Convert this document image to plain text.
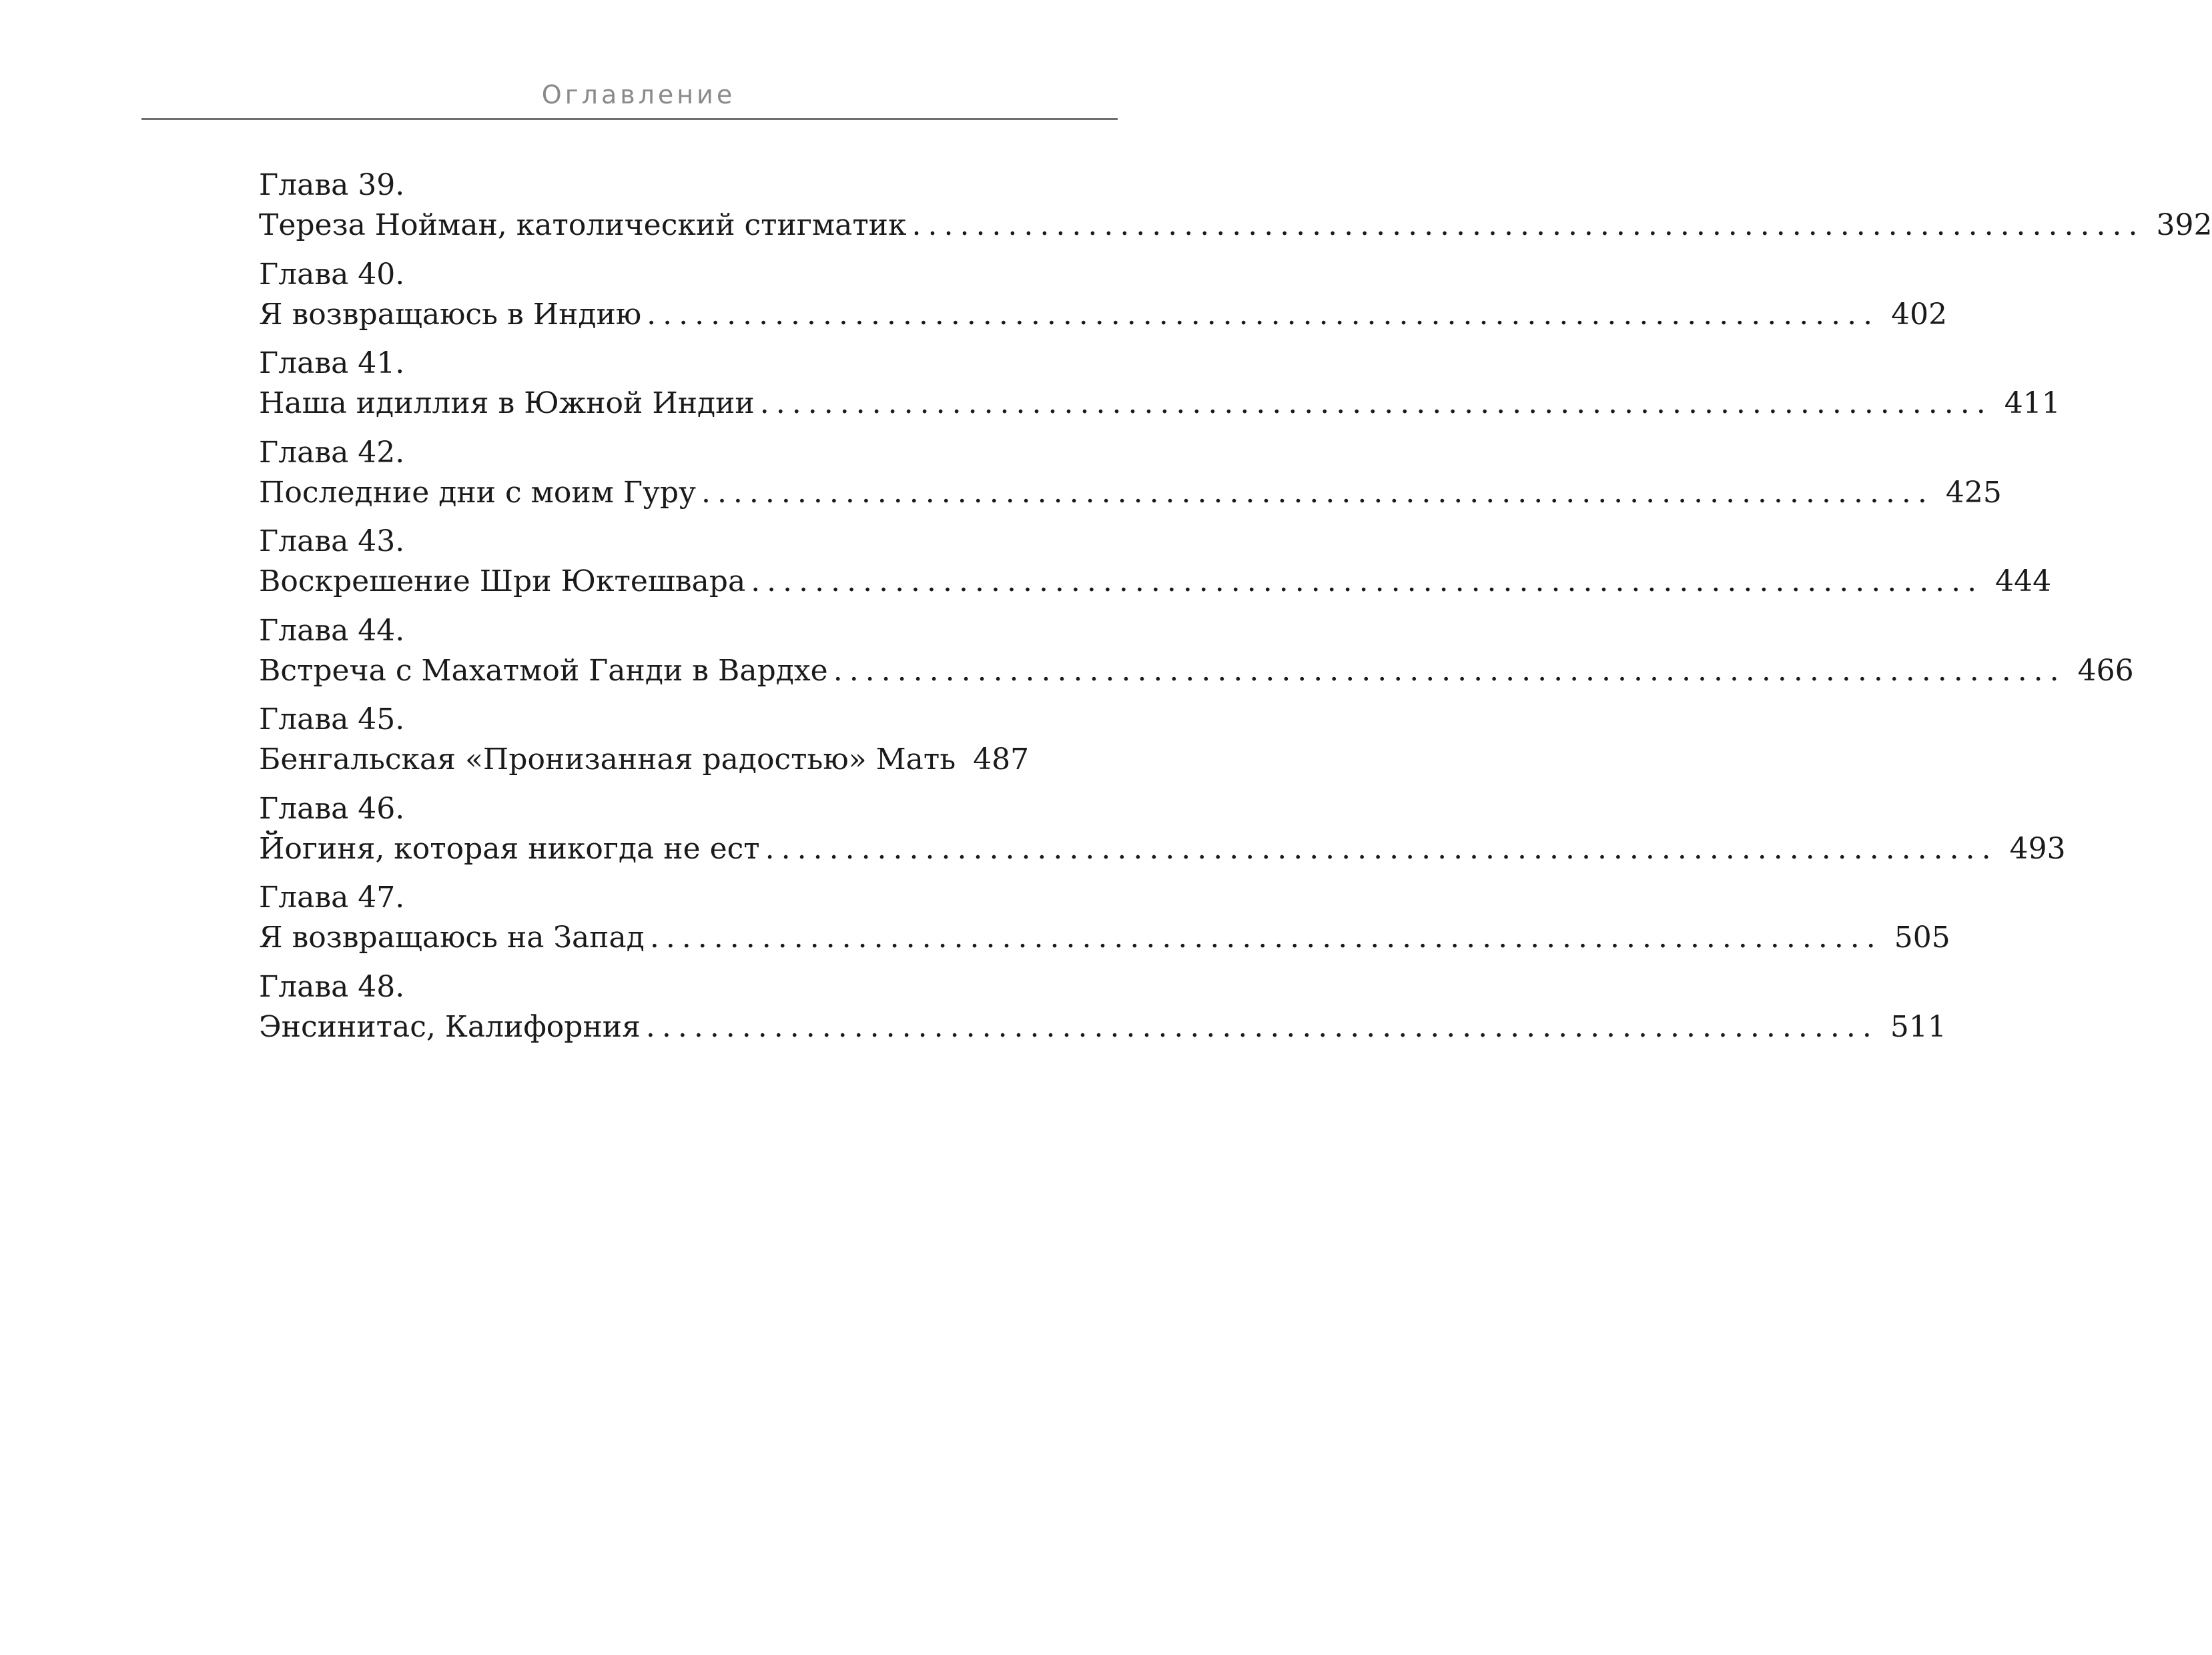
Оглавление
Глава 39.
Тереза Нойман, католический стигматик ............................................................................. 392
Глава 40.
Я возвращаюсь в Индию ............................................................................. 402
Глава 41.
Наша идиллия в Южной Индии ............................................................................. 411
Глава 42.
Последние дни с моим Гуру ............................................................................. 425
Глава 43.
Воскрешение Шри Юктешвара ............................................................................. 444
Глава 44.
Встреча с Махатмой Ганди в Вардхе ............................................................................. 466
Глава 45.
Бенгальская «Пронизанная радостью» Мать 487
Глава 46.
Йогиня, которая никогда не ест ............................................................................. 493
Глава 47.
Я возвращаюсь на Запад ............................................................................. 505
Глава 48.
Энсинитас, Калифорния ............................................................................. 511
